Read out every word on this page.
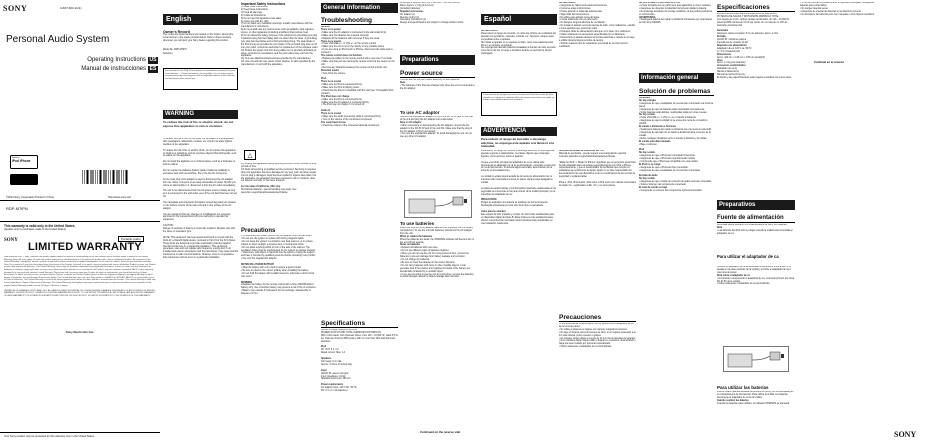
4-667-603-11(1)
SONY
Personal Audio System
Operating Instructions
Manual de instrucciones
US
ES
Made for
iPod iPhone
● App Store
©2013 Sony Corporation Printed in China	http://www.sony.net/
RDP-M7iPN
This warranty is valid only in the United States.
(Applies only to purchases made in the United States)
Portable Audio
SONY
LIMITED WARRANTY
Sony Electronics Inc. ("Sony") warrants this product against defects in material or workmanship for the time periods and as set forth below. Pursuant to this Limited Warranty, Sony will, at its option, (i) repair the product using new or refurbished parts or (ii) replace the product with a new or refurbished product. For purposes of this Limited Warranty, "refurbished" means a product or part that has been returned to its original specifications. In the event of a defect, these are your exclusive remedies. Term: For a period of 1 year from the original date of purchase of the Product, Sony will, at its option, repair or replace with new or refurbished Product or parts, any Product or parts determined to be defective. This Limited Warranty covers only the hardware components packaged with the Product. It does not cover technical assistance for hardware or software usage and it does not cover any software products whether or not contained in the Product; any such software is provided "AS IS" unless expressly provided for in any enclosed software Limited Warranty. Please note that if you must send your Product for repair or replacement, you should first back up all data. Instructions: To obtain warranty service, you must take the Product, or deliver the Product freight prepaid, in either its original packaging or packaging affording an equal degree of protection, to any authorized Sony service facility. This Limited Warranty does not cover Sony products sold AS IS or WITH ALL FAULTS, or consumables (such as fuses or batteries). This Limited Warranty is invalid if the factory-applied serial number has been altered or removed from the Product. This Limited Warranty is valid only in the United States. Repair / Replacement Warranty: This Limited Warranty shall apply to any repair, replacement part or replacement product for the remainder of the original Limited Warranty period or ninety (90) days, whichever is longer.

LIMITATION ON DAMAGES: SONY SHALL NOT BE LIABLE FOR ANY INCIDENTAL OR CONSEQUENTIAL DAMAGES FOR BREACH OF ANY EXPRESS OR IMPLIED WARRANTY ON THIS PRODUCT. DURATION OF IMPLIED WARRANTIES: EXCEPT TO THE EXTENT PROHIBITED BY APPLICABLE LAW, ANY IMPLIED WARRANTY OF MERCHANTABILITY OR FITNESS FOR A PARTICULAR PURPOSE ON THIS PRODUCT IS LIMITED IN DURATION TO THE DURATION OF THIS WARRANTY.
Sony Electronics Inc.
Your Sony product may be protected for this warranty only in the United States
English
Owner's Record
The model and serial numbers are located on the bottom. Record the serial number in the space provided below. Refer to these numbers whenever you call upon your Sony dealer regarding this product.
Model No. RDP-M7iPN
Serial No.
For customers in the USA. Please dispose of used batteries properly. Recycling Li-ion batteries — Lithium-Ion batteries are recyclable. You can help preserve our environment by returning your used rechargeable batteries to the collection and recycling location nearest you.
WARNING
To reduce the risk of fire or electric shock, do not expose this apparatus to rain or moisture.
To reduce the risk of fire, do not cover the ventilation of the apparatus with newspapers, tablecloths, curtains, etc. And do not place lighted candles on the apparatus.

To reduce the risk of fire or electric shock, do not expose this apparatus to dripping or splashing, and do not place objects filled with liquids, such as vases, on the apparatus.

Do not install the appliance in a confined space, such as a bookcase or built-in cabinet.

Do not expose the batteries (battery pack or batteries installed) to excessive heat such as sunshine, fire or the like for a long time.

As the main plug of AC adaptor is used to disconnect the AC adaptor from the mains, connect it to an easily accessible AC outlet. Should you notice an abnormality in it, disconnect it from the AC outlet immediately.

The unit is not disconnected from the AC power source (mains) as long as it is connected to the wall outlet, even if the unit itself has been turned off.

The nameplate and important information concerning safety are located on the bottom exterior of the main unit and on the surface of the AC adaptor.

You are cautioned that any changes or modifications not expressly approved in this manual could void your authority to operate this equipment.

CAUTION
Danger of explosion if battery is incorrectly replaced. Replace only with the same or equivalent type.

NOTE: This equipment has been tested and found to comply with the limits for a Class B digital device, pursuant to Part 15 of the FCC Rules. These limits are designed to provide reasonable protection against harmful interference in a residential installation. This equipment generates, uses and can radiate radio frequency energy and, if not installed and used in accordance with the instructions, may cause harmful interference to radio communications. However, there is no guarantee that interference will not occur in a particular installation.
Important Safety Instructions
1) Read these instructions.
2) Keep these instructions.
3) Heed all warnings.
4) Follow all instructions.
5) Do not use this apparatus near water.
6) Clean only with dry cloth.
7) Do not block any ventilation openings. Install in accordance with the manufacturer's instructions.
8) Do not install near any heat sources such as radiators, heat registers, stoves, or other apparatus (including amplifiers) that produce heat.
9) Do not defeat the safety purpose of the polarized or grounding-type plug. A polarized plug has two blades with one wider than the other. A grounding type plug has two blades and a third grounding prong. The wide blade or the third prong are provided for your safety. If the provided plug does not fit into your outlet, consult an electrician for replacement of the obsolete outlet.
10) Protect the power cord from being walked on or pinched particularly at plugs, convenience receptacles, and the point where they exit from the apparatus.
11) Only use attachments/accessories specified by the manufacturer.
12) Use only with the cart, stand, tripod, bracket, or table specified by the manufacturer, or sold with the apparatus.
△
13) Unplug this apparatus during lightning storms or when unused for long periods of time.
14) Refer all servicing to qualified service personnel. Servicing is required when the apparatus has been damaged in any way, such as power-supply cord or plug is damaged, liquid has been spilled or objects have fallen into the apparatus, the apparatus has been exposed to rain or moisture, does not operate normally, or has been dropped.

For the state of California, USA only
Perchlorate Material - special handling may apply. See www.dtsc.ca.gov/hazardouswaste/perchlorate
Precautions
• To disconnect AC power, pull out the AC adaptor from the wall outlet.
• Do not use the system in a place with strong magnetic fields.
• Do not leave the system in a location near heat sources, or in a place subject to direct sunlight, excessive dust or mechanical shock.
• Do not place anything within 10 mm of the side of the cabinet. The ventilation holes must be unobstructed for the system to operate properly.
• Should any solid object or liquid fall into the system, unplug the system and have it checked by qualified personnel before operating it any further.
• Use only the supplied AC adaptor.

NOTES ON LITHIUM BATTERY
• Wipe the battery with a dry cloth to assure a good contact.
• Be sure to observe the correct polarity when installing the battery.
• Do not hold the battery with metallic tweezers, otherwise a short-circuit may occur.

WARNING
• Replace the battery for the remote control with a Sony CR2025 lithium battery only. Use of another battery may present a risk of fire or explosion.
• Battery may explode if mistreated. Do not recharge, disassemble or dispose of in fire.
General Information
Troubleshooting
General
There is no power.
• Make sure the AC adaptor is connected to the wall outlet firmly.
• Make sure the batteries are inserted correctly.
• Replace all the batteries with new ones if they are weak.
There is no sound.
• Press VOLUME +/– or VOL+/– on the remote control.
• Make sure the unit is not in the vicinity of any portable phone.
• If you are using an iPod touch or iPhone, disconnect the cable and re-connect it.
The remote control does not function.
• Replace the battery in the remote control with a new one if it is weak.
• Make sure that you are pointing the remote control at the sensor on the unit.
• Remove any obstacles between the remote control and the unit.
Distorted sound.
• Turn down the volume.

iPod
There is no sound.
• Make sure the iPod is connected firmly.
• Make sure the iPod is playing music.
• Check that the iPod is compatible with this unit (see "Compatible iPod models").
The iPod does not charge.
• Make sure the iPod is connected firmly.
• Make sure the AC adaptor is connected firmly.
• The iPod may not charge if it is turned off.

Audio in
There is no sound.
• Make sure the audio connecting cable is connected firmly.
• Turn up the volume of the connected component.
The sound level is low.
• Check the volume of the connected optional component.
Specifications
AUDIO POWER SPECIFICATIONS
POWER OUTPUT AND TOTAL HARMONIC DISTORTION:
With 4 ohm loads, both channels driven, from 120 – 10,000 Hz; rated 3.5 W per channel minimum RMS power, with no more than 10% total harmonic distortion.

iPod
DC OUT: 5 V, 1 A
Rated current: Max. 1 A

Speakers
Full range: 5 cm dia.
Approx. 4 ohms (2 inches dia.)

Input
AUDIO IN: stereo mini jack
Input impedance: 10 kΩ
Standard input level: 400 mV

Power requirements
AC adaptor input: 120 V AC, 60 Hz
DC: 6 V (4 × AA batteries)
Dimensions: Approx. 320 mm × 145 mm × 135 mm (w/h/d)
Mass: Approx. 1.3 kg (2 lb 14 oz)
(Including batteries)
Supplied accessories
AC adaptor (1)
Remote control (1)
Operating Instructions (1)
Design and specifications are subject to change without notice.
Preparations
Power source
You can use the unit with mains electricity or with batteries.
Note
• The batteries of the iPod are charged only when the unit is connected to the AC adaptor.
To use AC adaptor
Connect the supplied AC adaptor firmly to the DC IN 6V jack on the rear of the unit and plug the AC adaptor into a wall outlet.
Note on AC adaptor
• When connecting or disconnecting the AC adaptor, connect the AC adaptor to the DC IN 6V jack of the unit first. Make sure that the plug of the AC adaptor is firmly connected.
• Use only the supplied AC adaptor. To avoid damaging the unit, do not use any other AC adaptor.
To use batteries
Insert four size AA (LR6) alkaline batteries (not supplied) into the battery compartment. To use the unit with batteries, disconnect the AC adaptor from the unit.
When to replace the batteries
When the batteries are weak, the OPERATE indicator will become dim or the unit will not operate.
Notes on batteries
• Replace all batteries with new ones.
• Do not use different types of batteries together.
• When you do not use the unit for a long period of time, remove the batteries to prevent damage from battery leakage and corrosion.
• Do not charge dry batteries.
• Be sure to insert the batteries in the correct direction.
• Do not carry batteries with coins or other metallic objects. It can generate heat if the positive and negative terminals of the battery are accidentally contacted by a metallic object.
• If you are not going to use the unit for a long time, remove the batteries to avoid damage caused by battery leakage and corrosion.
Continued on the reverse side
Español
ADVERTENCIA
Para reducir el riesgo de incendio, no cubra los orificios de ventilación del aparato con periódicos, manteles, cortinas, etc. Tampoco coloque velas encendidas sobre el aparato.
No instale el aparato en un espacio cerrado, como una estantería para libros o un armario empotrado.
No exponga las baterías (baterías instaladas) a fuentes de calor excesivo como la luz del sol, el fuego o similares durante un período de tiempo prolongado.
Tratamiento de los equipos eléctricos y electrónicos al final de su vida útil. Este símbolo en el equipo o el embalaje indica que el presente producto no puede ser tratado como residuos domésticos normales.
ADVERTENCIA
Para reducir el riesgo de incendio o descarga eléctrica, no exponga este aparato a la lluvia ni a la humedad.
Para reducir el riesgo de incendio o descarga eléctrica, no exponga este aparato a goteos o salpicaduras, ni coloque objetos que contengan líquidos, como jarrones, sobre el aparato.

Ya que el enchufe principal del adaptador de ca se utiliza para desconectar el adaptador de ca de la alimentación, conéctelo a una toma de ca de fácil acceso. Si detecta alguna anomalía, desconéctelo de la toma de ca inmediatamente.

La unidad no estará desconectada de la fuente de alimentación de ca mientras esté conectada a la toma de pared, aunque haya apagado la unidad.

La placa de características y la información importante relacionada con la seguridad se encuentran en la parte inferior de la unidad principal y en la superficie del adaptador de ca.

PRECAUCIÓN
Peligro de explosión si la batería se sustituye de forma incorrecta. Sustitúyala únicamente por otra del mismo tipo o equivalente.

Aviso para los clientes
Este equipo ha sido probado y cumple con los límites establecidos para un dispositivo digital de Clase B. Estos límites se han establecido para ofrecer una protección razonable contra interferencias perjudiciales en una instalación residencial.
ADVERTENCIA
• Asegúrese de haber leído estas instrucciones.
• Conserve estas instrucciones.
• Preste atención a todas las advertencias.
• Siga todas las instrucciones.
• No utilice este aparato cerca del agua.
• Limpie solamente con un paño seco.
• No bloquee ninguna abertura de ventilación.
• No instale el aparato cerca de fuentes de calor, como radiadores, estufas u otros aparatos que produzcan calor.
• Proteja el cable de alimentación para que no lo pisen ni lo pellizquen.
• Utilice solamente los accesorios especificados por el fabricante.
• Desenchufe el aparato durante tormentas eléctricas o cuando no lo vaya a utilizar durante largos períodos de tiempo.
• Solicite cualquier tipo de reparación a personal de servicio técnico cualificado.
Solo para el estado de California, EE. UU.
Material de perclorato - puede requerir una manipulación especial. Consulte www.dtsc.ca.gov/hazardouswaste/perchlorate

"Made for iPod" y "Made for iPhone" significan que un accesorio electrónico ha sido diseñado para conectarse específicamente a un iPod o iPhone, respectivamente, y que el desarrollador ha certificado que cumple los estándares de rendimiento de Apple. Apple no se hace responsable del funcionamiento de este dispositivo ni de su cumplimiento de las normas de seguridad y reglamentarias.

iPhone, iPod, iPod classic, iPod nano e iPod touch son marcas comerciales de Apple Inc., registradas en EE. UU. y en otros países.
Precauciones
• Para desconectar la alimentación de ca, desenchufe el adaptador de ca de la toma de pared.
• No utilice el sistema en lugares con campos magnéticos intensos.
• No deje el sistema cerca de fuentes de calor, ni en lugares expuestos a la luz solar directa, polvo excesivo o golpes.
• No coloque ningún objeto a menos de 10 mm de los laterales del aparato.
• Si se introduce algún objeto sólido o líquido en el sistema, desenchúfelo y haga que sea revisado por personal especializado.
• Utilice solamente el adaptador de ca suministrado.
NOTAS SOBRE LA BATERÍA DE LITIO
• Limpie la batería con un paño seco para garantizar un buen contacto.
• Asegúrese de observar la polaridad correcta al instalar la batería.
• No sostenga la batería con pinzas metálicas, ya que podría producirse un cortocircuito.
ADVERTENCIA
• Sustituya la batería del mando a distancia únicamente por una batería de litio Sony CR2025.
Información general
Solución de problemas
Generales
No hay energía.
• Asegúrese de que el adaptador de ca esté bien conectado a la toma de pared.
• Asegúrese de que las baterías estén insertadas correctamente.
• Si las baterías están débiles, sustitúyalas todas por otras nuevas.
No hay sonido.
• Pulse VOLUME +/– o VOL+/– en el mando a distancia.
• Asegúrese de que la unidad no se encuentre cerca de un teléfono portátil.
El mando a distancia no funciona.
• Sustituya la batería del mando a distancia por una nueva si está débil.
• Asegúrese de apuntar con el mando a distancia hacia el sensor de la unidad.
• Retire cualquier obstáculo entre el mando a distancia y la unidad.
El sonido está distorsionado.
• Baje el volumen.

iPod
No hay sonido.
• Asegúrese de que el iPod esté conectado firmemente.
• Asegúrese de que el iPod esté reproduciendo música.
• Compruebe que el iPod sea compatible con esta unidad.
El iPod no se carga.
• Asegúrese de que el iPod esté bien conectado.
• Asegúrese de que el adaptador de ca esté bien conectado.

Entrada de audio
No hay sonido.
• Asegúrese de que el cable de conexión de audio esté bien conectado.
• Suba el volumen del componente conectado.
El nivel de sonido es bajo.
• Compruebe el volumen del componente opcional conectado.
Especificaciones
ESPECIFICACIONES DE LA ALIMENTACIÓN DEL AUDIO
POTENCIA DE SALIDA Y DISTORSIÓN ARMÓNICA TOTAL:
Con cargas de 4 ohm, ambos canales accionados, de 120 – 10 000 Hz; potencia RMS mínima de 3,5 W por canal, con no más de un 10% de distorsión armónica total.

Generales
Altavoces: Gama completa: 5 cm de diámetro, aprox. 4 ohm
Entrada
AUDIO IN: minitoma estéreo
Impedancia de entrada: 10 kΩ
Requisitos de alimentación
Adaptador de ca: 120 V ca, 60 Hz
cc: 6 V (4 baterías AA)
Dimensiones
Aprox. 320 mm × 145 mm × 135 mm (an/al/prf)
Peso
Aprox. 1,3 kg (con baterías)
Accesorios suministrados
Adaptador de ca (1)
Mando a distancia (1)
Manual de instrucciones (1)
El diseño y las especificaciones están sujetos a cambios sin previo aviso.
Preparativos
Fuente de alimentación
La unidad puede utilizarse con la alimentación de red o con baterías.
Nota
• Las baterías del iPod solo se cargan cuando la unidad está conectada al adaptador de ca.
Para utilizar el adaptador de ca
Conecte el adaptador de ca suministrado firmemente a la toma DC IN 6V situada en la parte posterior de la unidad y enchufe el adaptador de ca a una toma de pared.
Nota sobre el adaptador de ca
• Al conectar o desconectar el adaptador de ca, conéctelo primero a la toma DC IN 6V de la unidad.
• Utilice solamente el adaptador de ca suministrado.
Para utilizar las baterías
Inserte cuatro baterías alcalinas de tamaño AA (LR6) (no suministradas) en el compartimiento de las baterías. Para utilizar la unidad con baterías, desconecte el adaptador de ca de la unidad.
Cuándo sustituir las baterías
Cuando las baterías estén débiles, el indicador OPERATE se atenuará.
• Si no va a utilizar la unidad durante un período prolongado, extraiga las baterías para evitar daños.
• No cargue baterías secas.
• Asegúrese de insertar las baterías en la dirección correcta.
• No transporte las baterías junto con monedas u otros objetos metálicos.
Continúa en el reverso
SONY
